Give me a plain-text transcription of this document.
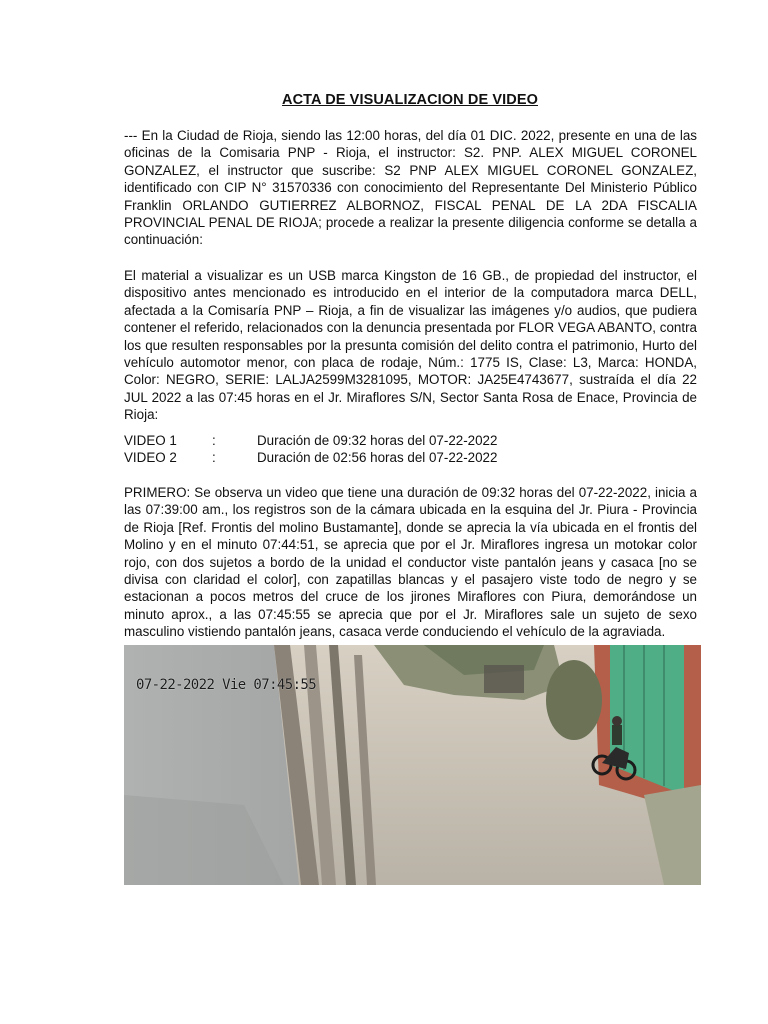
ACTA DE VISUALIZACION DE VIDEO

--- En la Ciudad de Rioja, siendo las 12:00 horas, del día 01 DIC. 2022, presente en una de las oficinas de la Comisaria PNP - Rioja, el instructor: S2. PNP. ALEX MIGUEL CORONEL GONZALEZ, el instructor que suscribe: S2 PNP ALEX MIGUEL CORONEL GONZALEZ, identificado con CIP N° 31570336 con conocimiento del Representante Del Ministerio Público Franklin ORLANDO GUTIERREZ ALBORNOZ, FISCAL PENAL DE LA 2DA FISCALIA PROVINCIAL PENAL DE RIOJA; procede a realizar la presente diligencia conforme se detalla a continuación:

El material a visualizar es un USB marca Kingston de 16 GB., de propiedad del instructor, el dispositivo antes mencionado es introducido en el interior de la computadora marca DELL, afectada a la Comisaría PNP – Rioja, a fin de visualizar las imágenes y/o audios, que pudiera contener el referido, relacionados con la denuncia presentada por FLOR VEGA ABANTO, contra los que resulten responsables por la presunta comisión del delito contra el patrimonio, Hurto del vehículo automotor menor, con placa de rodaje, Núm.: 1775 IS, Clase: L3, Marca: HONDA, Color: NEGRO, SERIE: LALJA2599M3281095, MOTOR: JA25E4743677, sustraída el día 22 JUL 2022 a las 07:45 horas en el Jr. Miraflores S/N, Sector Santa Rosa de Enace, Provincia de Rioja:

VIDEO 1	:	Duración de 09:32 horas del 07-22-2022
VIDEO 2	:	Duración de 02:56 horas del 07-22-2022

PRIMERO: Se observa un video que tiene una duración de 09:32 horas del 07-22-2022, inicia a las 07:39:00 am., los registros son de la cámara ubicada en la esquina del Jr. Piura - Provincia de Rioja [Ref. Frontis del molino Bustamante], donde se aprecia la vía ubicada en el frontis del Molino y en el minuto 07:44:51, se aprecia que por el Jr. Miraflores ingresa un motokar color rojo, con dos sujetos a bordo de la unidad el conductor viste pantalón jeans y casaca [no se divisa con claridad el color], con zapatillas blancas y el pasajero viste todo de negro y se estacionan a pocos metros del cruce de los jirones Miraflores con Piura, demorándose un minuto aprox., a las 07:45:55 se aprecia que por el Jr. Miraflores sale un sujeto de sexo masculino vistiendo pantalón jeans, casaca verde conduciendo el vehículo de la agraviada.

07-22-2022 Vie 07:45:55
